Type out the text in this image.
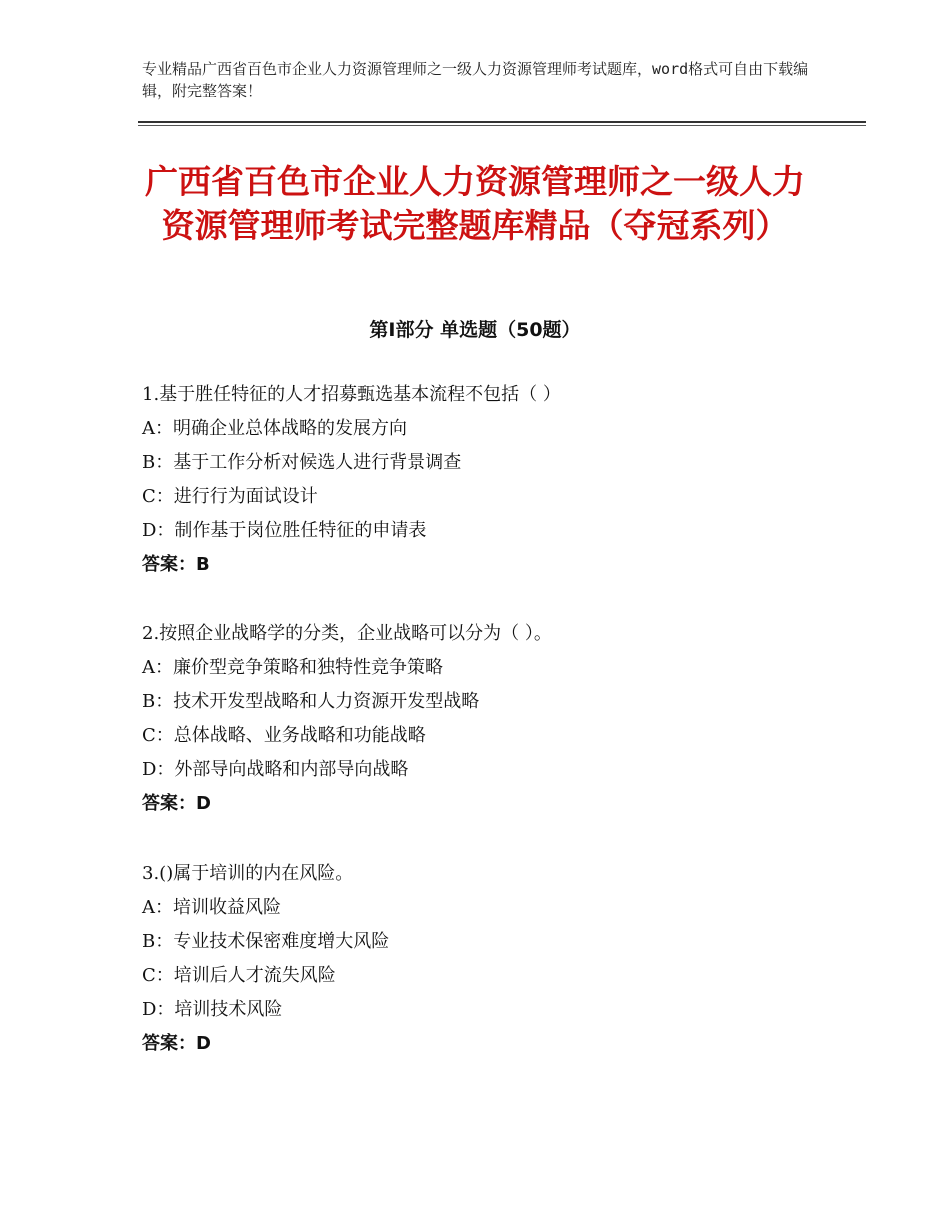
专业精品广西省百色市企业人力资源管理师之一级人力资源管理师考试题库，word格式可自由下载编辑，附完整答案！
广西省百色市企业人力资源管理师之一级人力资源管理师考试完整题库精品（夺冠系列）
第Ⅰ部分 单选题（50题）
1.基于胜任特征的人才招募甄选基本流程不包括（ ）
A：明确企业总体战略的发展方向
B：基于工作分析对候选人进行背景调查
C：进行行为面试设计
D：制作基于岗位胜任特征的申请表
答案：B
2.按照企业战略学的分类，企业战略可以分为（ ）。
A：廉价型竞争策略和独特性竞争策略
B：技术开发型战略和人力资源开发型战略
C：总体战略、业务战略和功能战略
D：外部导向战略和内部导向战略
答案：D
3.()属于培训的内在风险。
A：培训收益风险
B：专业技术保密难度增大风险
C：培训后人才流失风险
D：培训技术风险
答案：D
